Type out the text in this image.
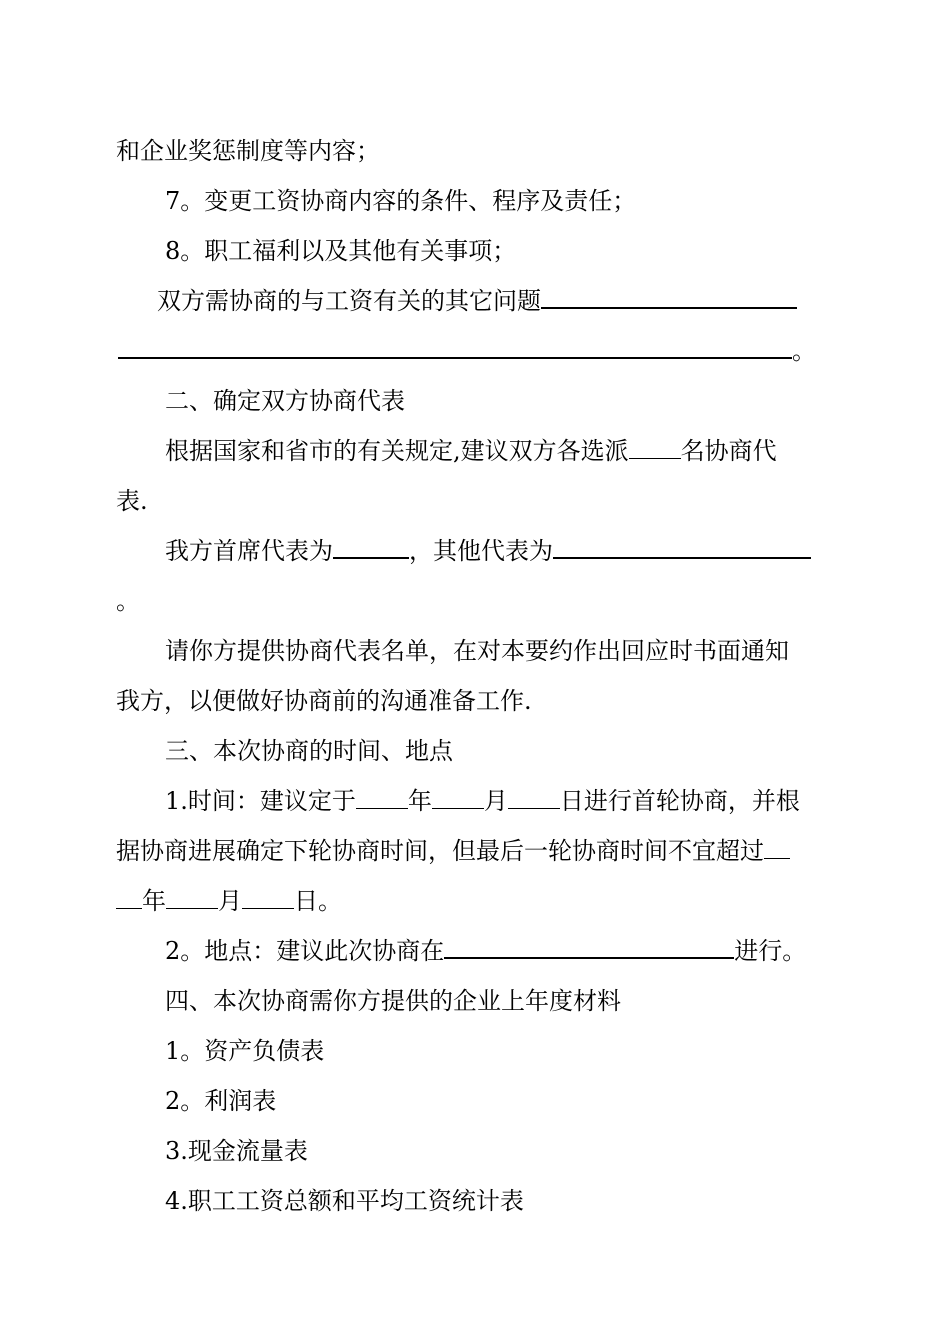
和企业奖惩制度等内容；
7。变更工资协商内容的条件、程序及责任；
8。职工福利以及其他有关事项；
双方需协商的与工资有关的其它问题
。
二、确定双方协商代表
根据国家和省市的有关规定,建议双方各选派 名协商代
表.
我方首席代表为	，其他代表为
。
请你方提供协商代表名单，在对本要约作出回应时书面通知
我方，以便做好协商前的沟通准备工作.
三、本次协商的时间、地点
1.时间：建议定于 年 月 日进行首轮协商，并根
据协商进展确定下轮协商时间，但最后一轮协商时间不宜超过
年 月 日。
2。地点：建议此次协商在	进行。
四、本次协商需你方提供的企业上年度材料
1。资产负债表
2。利润表
3.现金流量表
4.职工工资总额和平均工资统计表
